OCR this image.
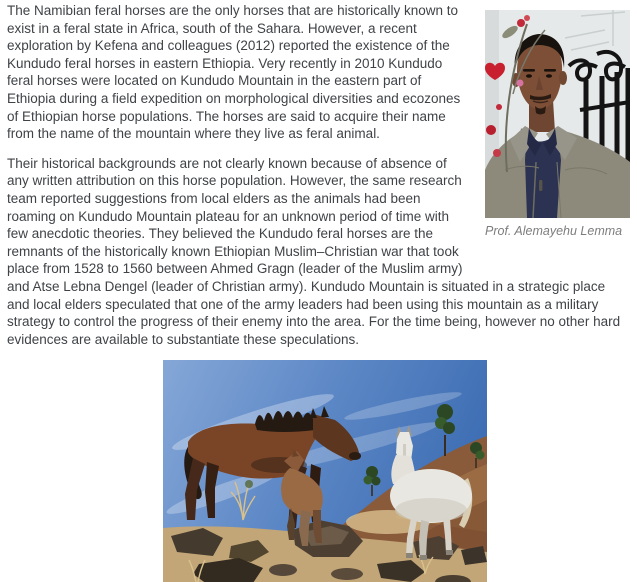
Prof. Alemayehu Lemma

The Namibian feral horses are the only horses that are historically known to exist in a feral state in Africa, south of the Sahara. However, a recent exploration by Kefena and colleagues (2012) reported the existence of the Kundudo feral horses in eastern Ethiopia. Very recently in 2010 Kundudo feral horses were located on Kundudo Mountain in the eastern part of Ethiopia during a field expedition on morphological diversities and ecozones of Ethiopian horse populations. The horses are said to acquire their name from the name of the mountain where they live as feral animal.

Their historical backgrounds are not clearly known because of absence of any written attribution on this horse population. However, the same research team reported suggestions from local elders as the animals had been roaming on Kundudo Mountain plateau for an unknown period of time with few anecdotic theories. They believed the Kundudo feral horses are the remnants of the historically known Ethiopian Muslim–Christian war that took place from 1528 to 1560 between Ahmed Gragn (leader of the Muslim army) and Atse Lebna Dengel (leader of Christian army). Kundudo Mountain is situated in a strategic place and local elders speculated that one of the army leaders had been using this mountain as a military strategy to control the progress of their enemy into the area. For the time being, however no other hard evidences are available to substantiate these speculations.
